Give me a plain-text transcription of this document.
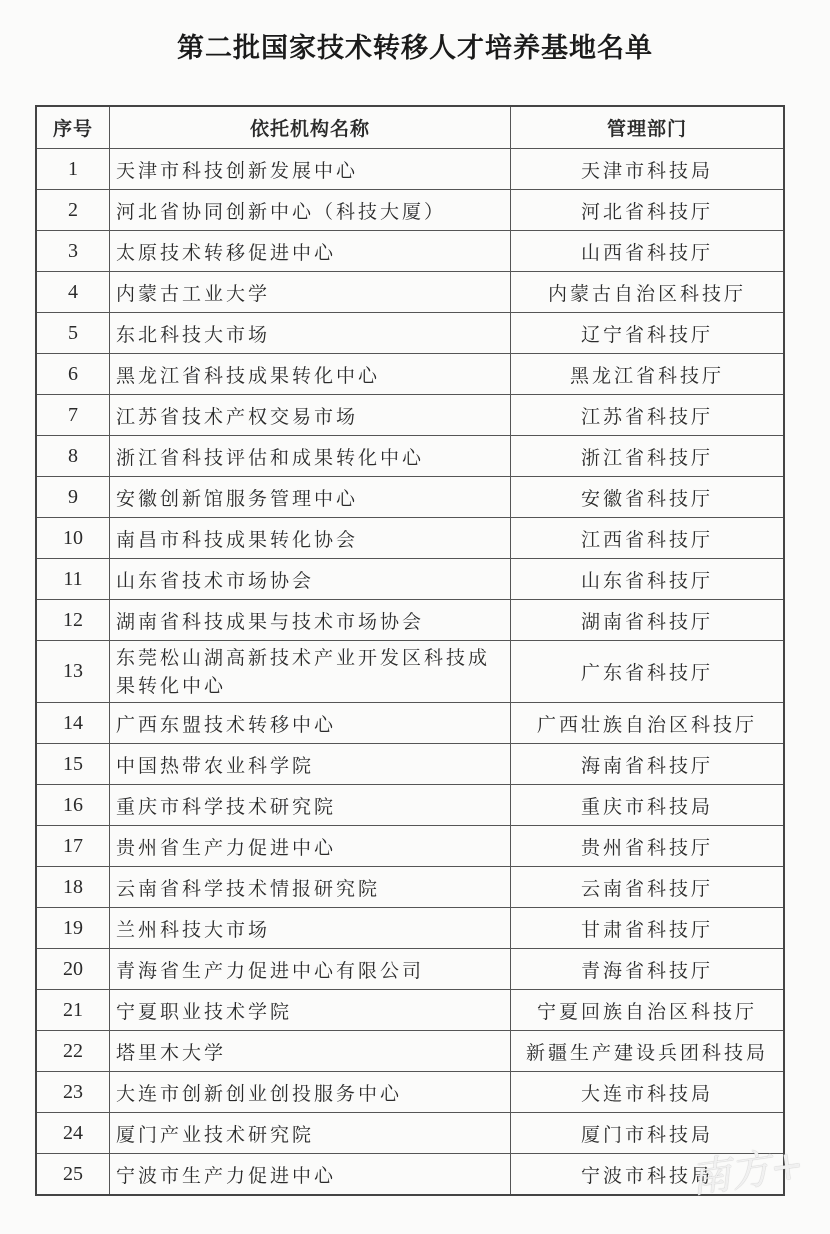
第二批国家技术转移人才培养基地名单
序号	依托机构名称	管理部门
1	天津市科技创新发展中心	天津市科技局
2	河北省协同创新中心（科技大厦）	河北省科技厅
3	太原技术转移促进中心	山西省科技厅
4	内蒙古工业大学	内蒙古自治区科技厅
5	东北科技大市场	辽宁省科技厅
6	黑龙江省科技成果转化中心	黑龙江省科技厅
7	江苏省技术产权交易市场	江苏省科技厅
8	浙江省科技评估和成果转化中心	浙江省科技厅
9	安徽创新馆服务管理中心	安徽省科技厅
10	南昌市科技成果转化协会	江西省科技厅
11	山东省技术市场协会	山东省科技厅
12	湖南省科技成果与技术市场协会	湖南省科技厅
13	东莞松山湖高新技术产业开发区科技成果转化中心	广东省科技厅
14	广西东盟技术转移中心	广西壮族自治区科技厅
15	中国热带农业科学院	海南省科技厅
16	重庆市科学技术研究院	重庆市科技局
17	贵州省生产力促进中心	贵州省科技厅
18	云南省科学技术情报研究院	云南省科技厅
19	兰州科技大市场	甘肃省科技厅
20	青海省生产力促进中心有限公司	青海省科技厅
21	宁夏职业技术学院	宁夏回族自治区科技厅
22	塔里木大学	新疆生产建设兵团科技局
23	大连市创新创业创投服务中心	大连市科技局
24	厦门产业技术研究院	厦门市科技局
25	宁波市生产力促进中心	宁波市科技局
南方+
